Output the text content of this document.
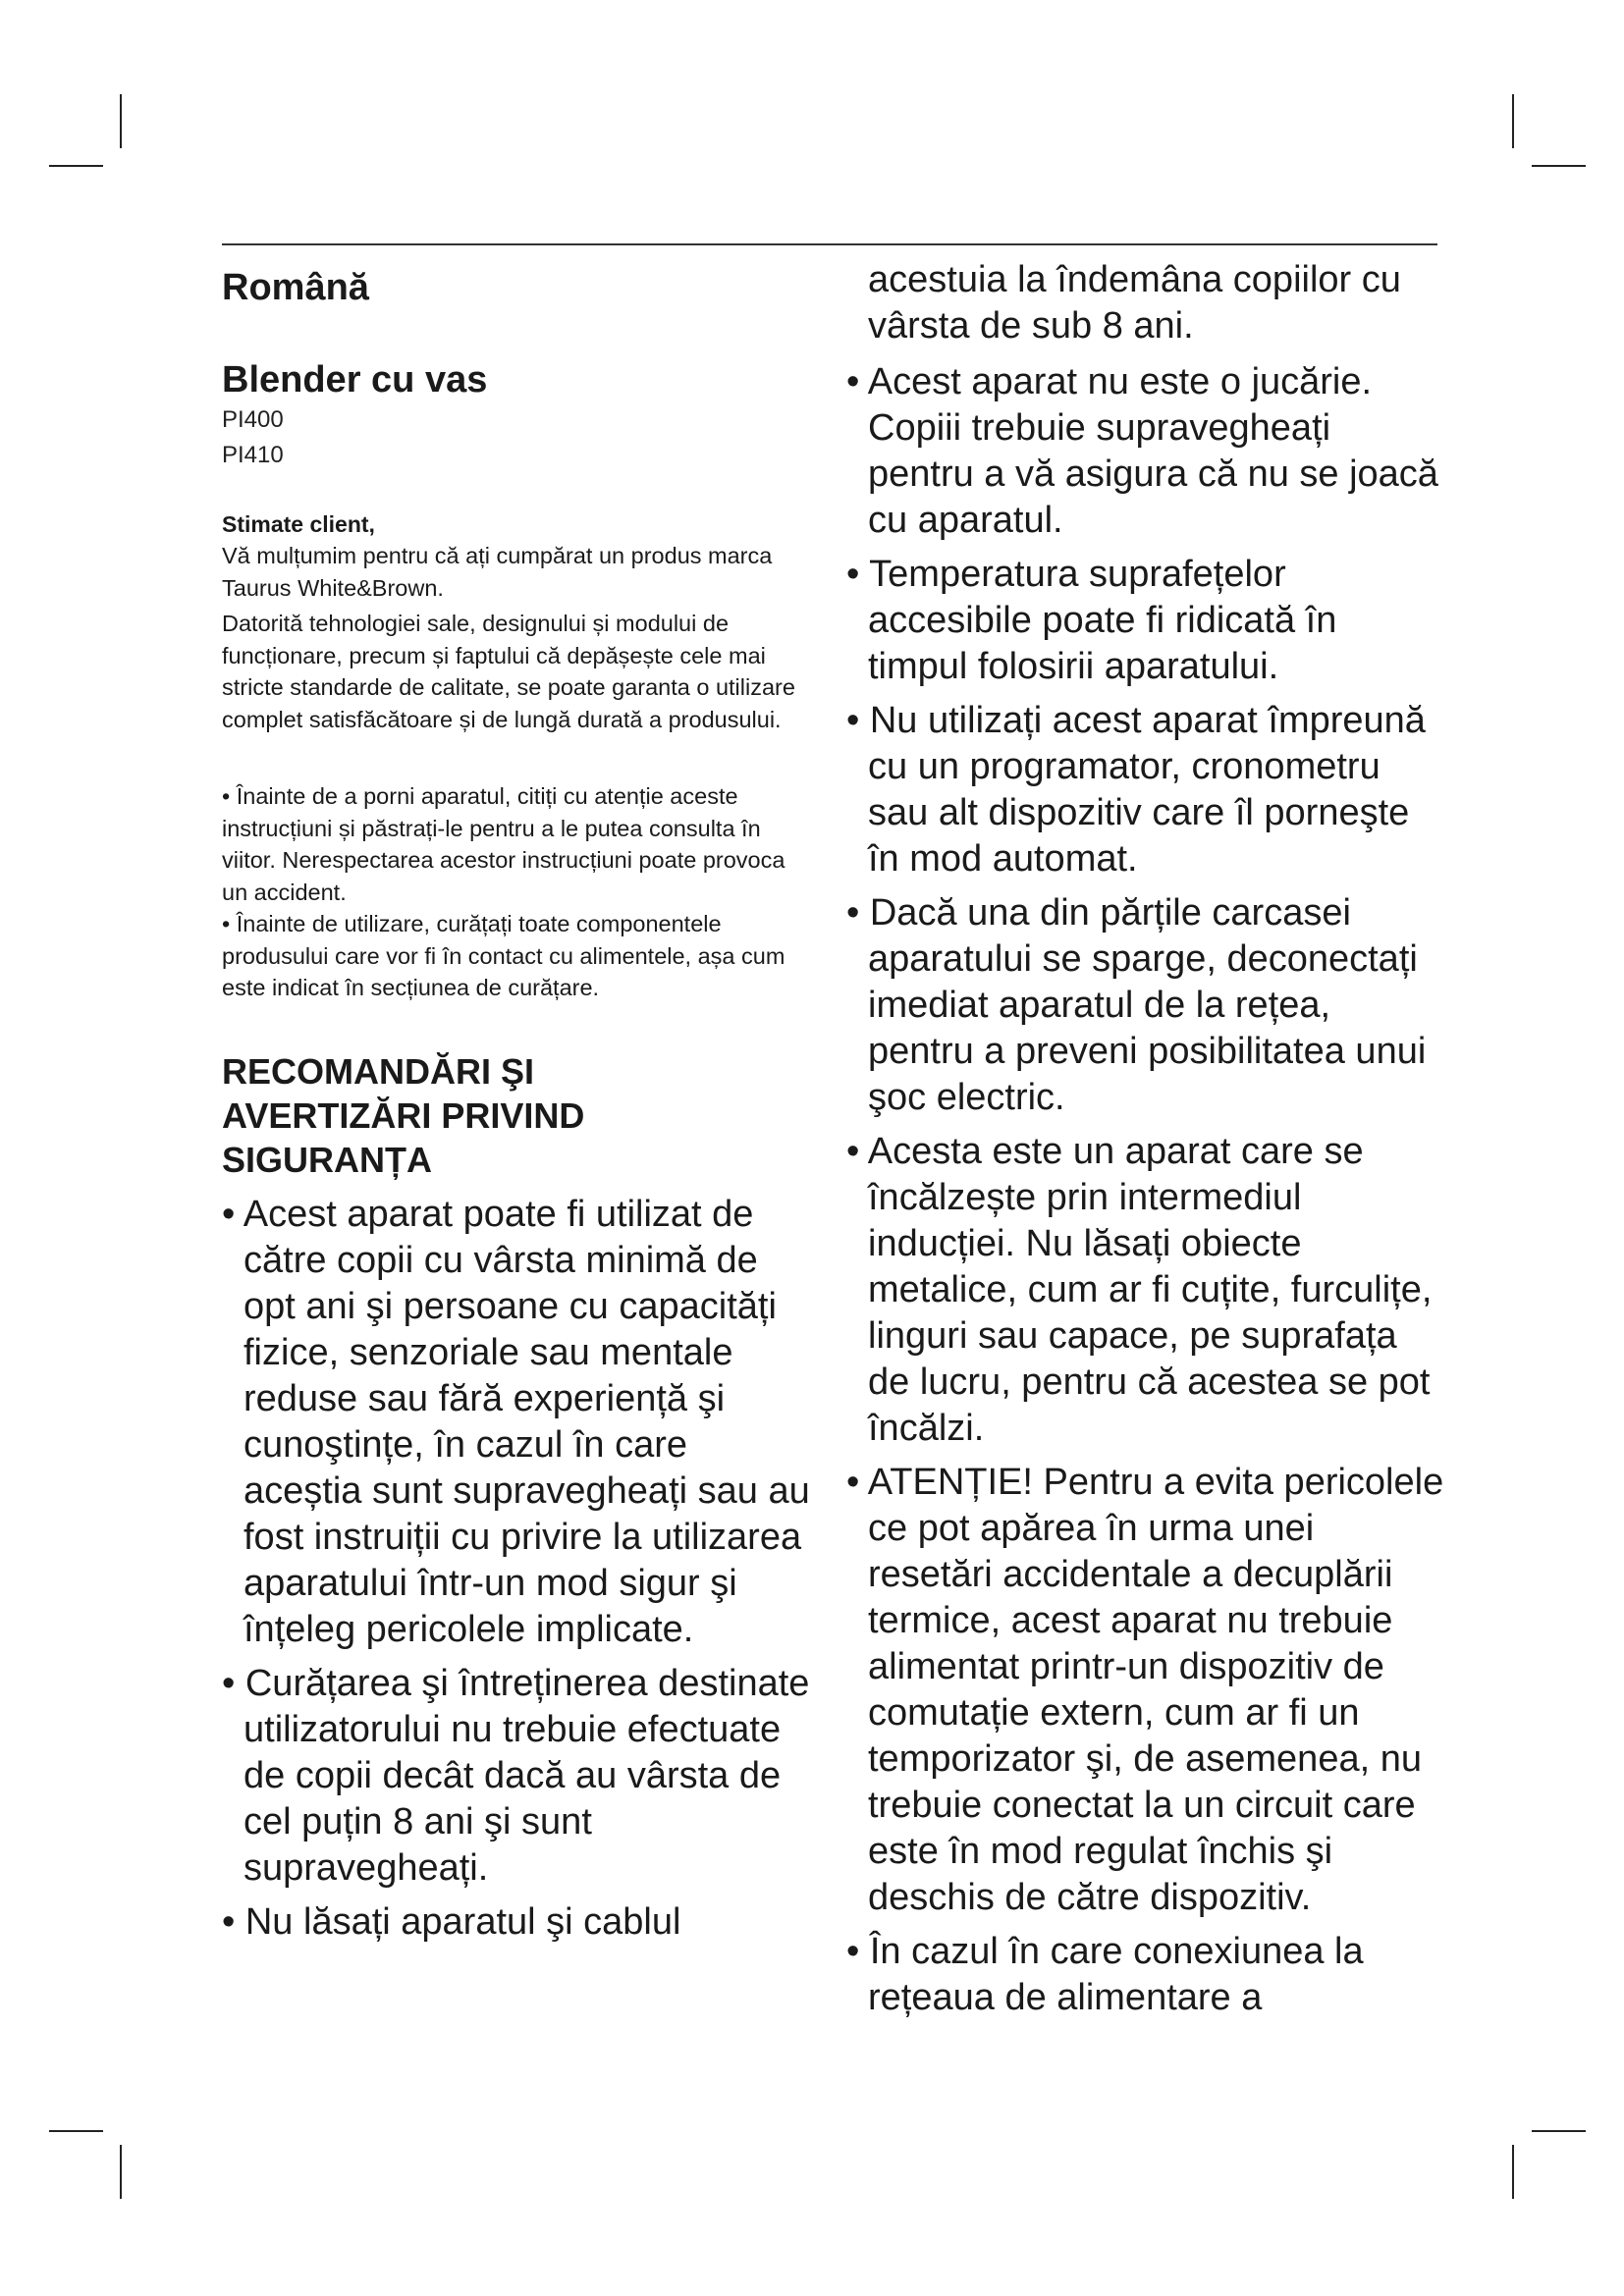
Română
Blender cu vas
PI400
PI410
Stimate client,

Vă mulțumim pentru că ați cumpărat un produs marca Taurus White&Brown.

Datorită tehnologiei sale, designului și modului de funcționare, precum și faptului că depășește cele mai stricte standarde de calitate, se poate garanta o utilizare complet satisfăcătoare și de lungă durată a produsului.

• Înainte de a porni aparatul, citiți cu atenție aceste instrucțiuni și păstrați-le pentru a le putea consulta în viitor. Nerespectarea acestor instrucțiuni poate provoca un accident.

• Înainte de utilizare, curățați toate componentele produsului care vor fi în contact cu alimentele, așa cum este indicat în secțiunea de curățare.

RECOMANDĂRI ŞI
AVERTIZĂRI PRIVIND
SIGURANȚA

• Acest aparat poate fi utilizat de către copii cu vârsta minimă de opt ani şi persoane cu capacități fizice, senzoriale sau mentale reduse sau fără experiență şi cunoştințe, în cazul în care aceștia sunt supravegheați sau au fost instruiții cu privire la utilizarea aparatului într-un mod sigur şi înțeleg pericolele implicate.

• Curățarea şi întreținerea destinate utilizatorului nu trebuie efectuate de copii decât dacă au vârsta de cel puțin 8 ani şi sunt supravegheați.

• Nu lăsați aparatul şi cablul

acestuia la îndemâna copiilor cu vârsta de sub 8 ani.

• Acest aparat nu este o jucărie. Copiii trebuie supravegheați pentru a vă asigura că nu se joacă cu aparatul.

• Temperatura suprafețelor accesibile poate fi ridicată în timpul folosirii aparatului.

• Nu utilizați acest aparat împreună cu un programator, cronometru sau alt dispozitiv care îl porneşte în mod automat.

• Dacă una din părțile carcasei aparatului se sparge, deconectați imediat aparatul de la rețea, pentru a preveni posibilitatea unui şoc electric.

• Acesta este un aparat care se încălzește prin intermediul inducției. Nu lăsați obiecte metalice, cum ar fi cuțite, furculițe, linguri sau capace, pe suprafața de lucru, pentru că acestea se pot încălzi.

• ATENȚIE! Pentru a evita pericolele ce pot apărea în urma unei resetări accidentale a decuplării termice, acest aparat nu trebuie alimentat printr-un dispozitiv de comutație extern, cum ar fi un temporizator şi, de asemenea, nu trebuie conectat la un circuit care este în mod regulat închis şi deschis de către dispozitiv.

• În cazul în care conexiunea la rețeaua de alimentare a
